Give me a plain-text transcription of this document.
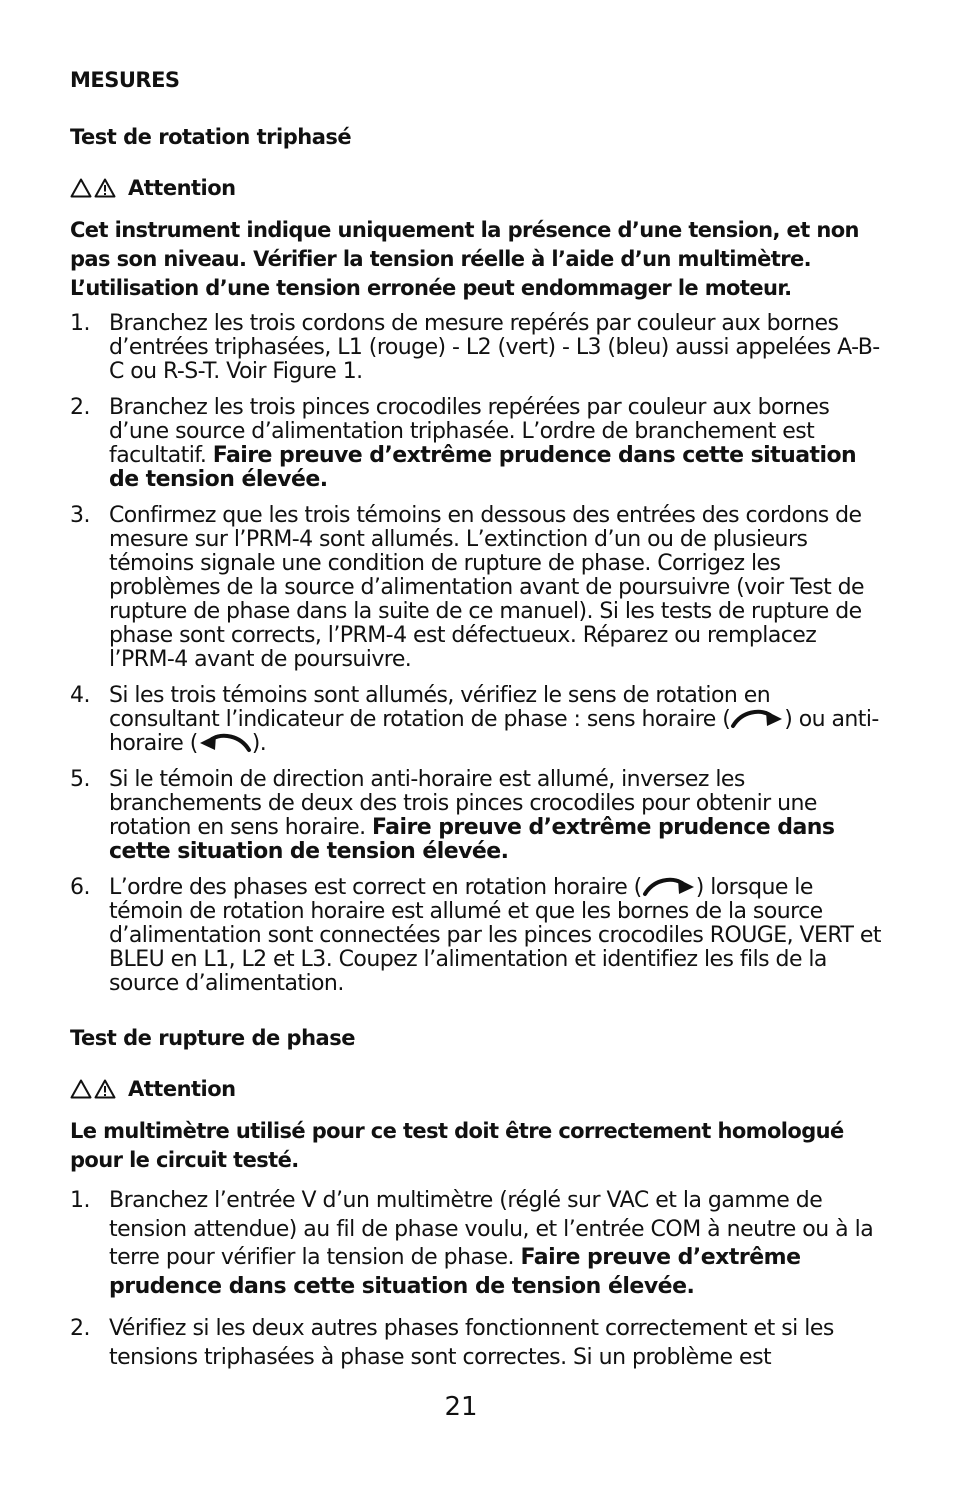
MESURES
Test de rotation triphasé
Attention

Cet instrument indique uniquement la présence d’une tension, et non pas son niveau. Vérifier la tension réelle à l’aide d’un multimètre. L’utilisation d’une tension erronée peut endommager le moteur.

1. Branchez les trois cordons de mesure repérés par couleur aux bornes d’entrées triphasées, L1 (rouge) - L2 (vert) - L3 (bleu) aussi appelées A-B-C ou R-S-T. Voir Figure 1.
2. Branchez les trois pinces crocodiles repérées par couleur aux bornes d’une source d’alimentation triphasée. L’ordre de branchement est facultatif. Faire preuve d’extrême prudence dans cette situation de tension élevée.
3. Confirmez que les trois témoins en dessous des entrées des cordons de mesure sur l’PRM-4 sont allumés. L’extinction d’un ou de plusieurs témoins signale une condition de rupture de phase. Corrigez les problèmes de la source d’alimentation avant de poursuivre (voir Test de rupture de phase dans la suite de ce manuel). Si les tests de rupture de phase sont corrects, l’PRM-4 est défectueux. Réparez ou remplacez l’PRM-4 avant de poursuivre.
4. Si les trois témoins sont allumés, vérifiez le sens de rotation en consultant l’indicateur de rotation de phase : sens horaire ( ) ou anti-horaire ( ).
5. Si le témoin de direction anti-horaire est allumé, inversez les branchements de deux des trois pinces crocodiles pour obtenir une rotation en sens horaire. Faire preuve d’extrême prudence dans cette situation de tension élevée.
6. L’ordre des phases est correct en rotation horaire ( ) lorsque le témoin de rotation horaire est allumé et que les bornes de la source d’alimentation sont connectées par les pinces crocodiles ROUGE, VERT et BLEU en L1, L2 et L3. Coupez l’alimentation et identifiez les fils de la source d’alimentation.
Test de rupture de phase
Attention

Le multimètre utilisé pour ce test doit être correctement homologué pour le circuit testé.

1. Branchez l’entrée V d’un multimètre (réglé sur VAC et la gamme de tension attendue) au fil de phase voulu, et l’entrée COM à neutre ou à la terre pour vérifier la tension de phase. Faire preuve d’extrême prudence dans cette situation de tension élevée.
2. Vérifiez si les deux autres phases fonctionnent correctement et si les tensions triphasées à phase sont correctes. Si un problème est
21
